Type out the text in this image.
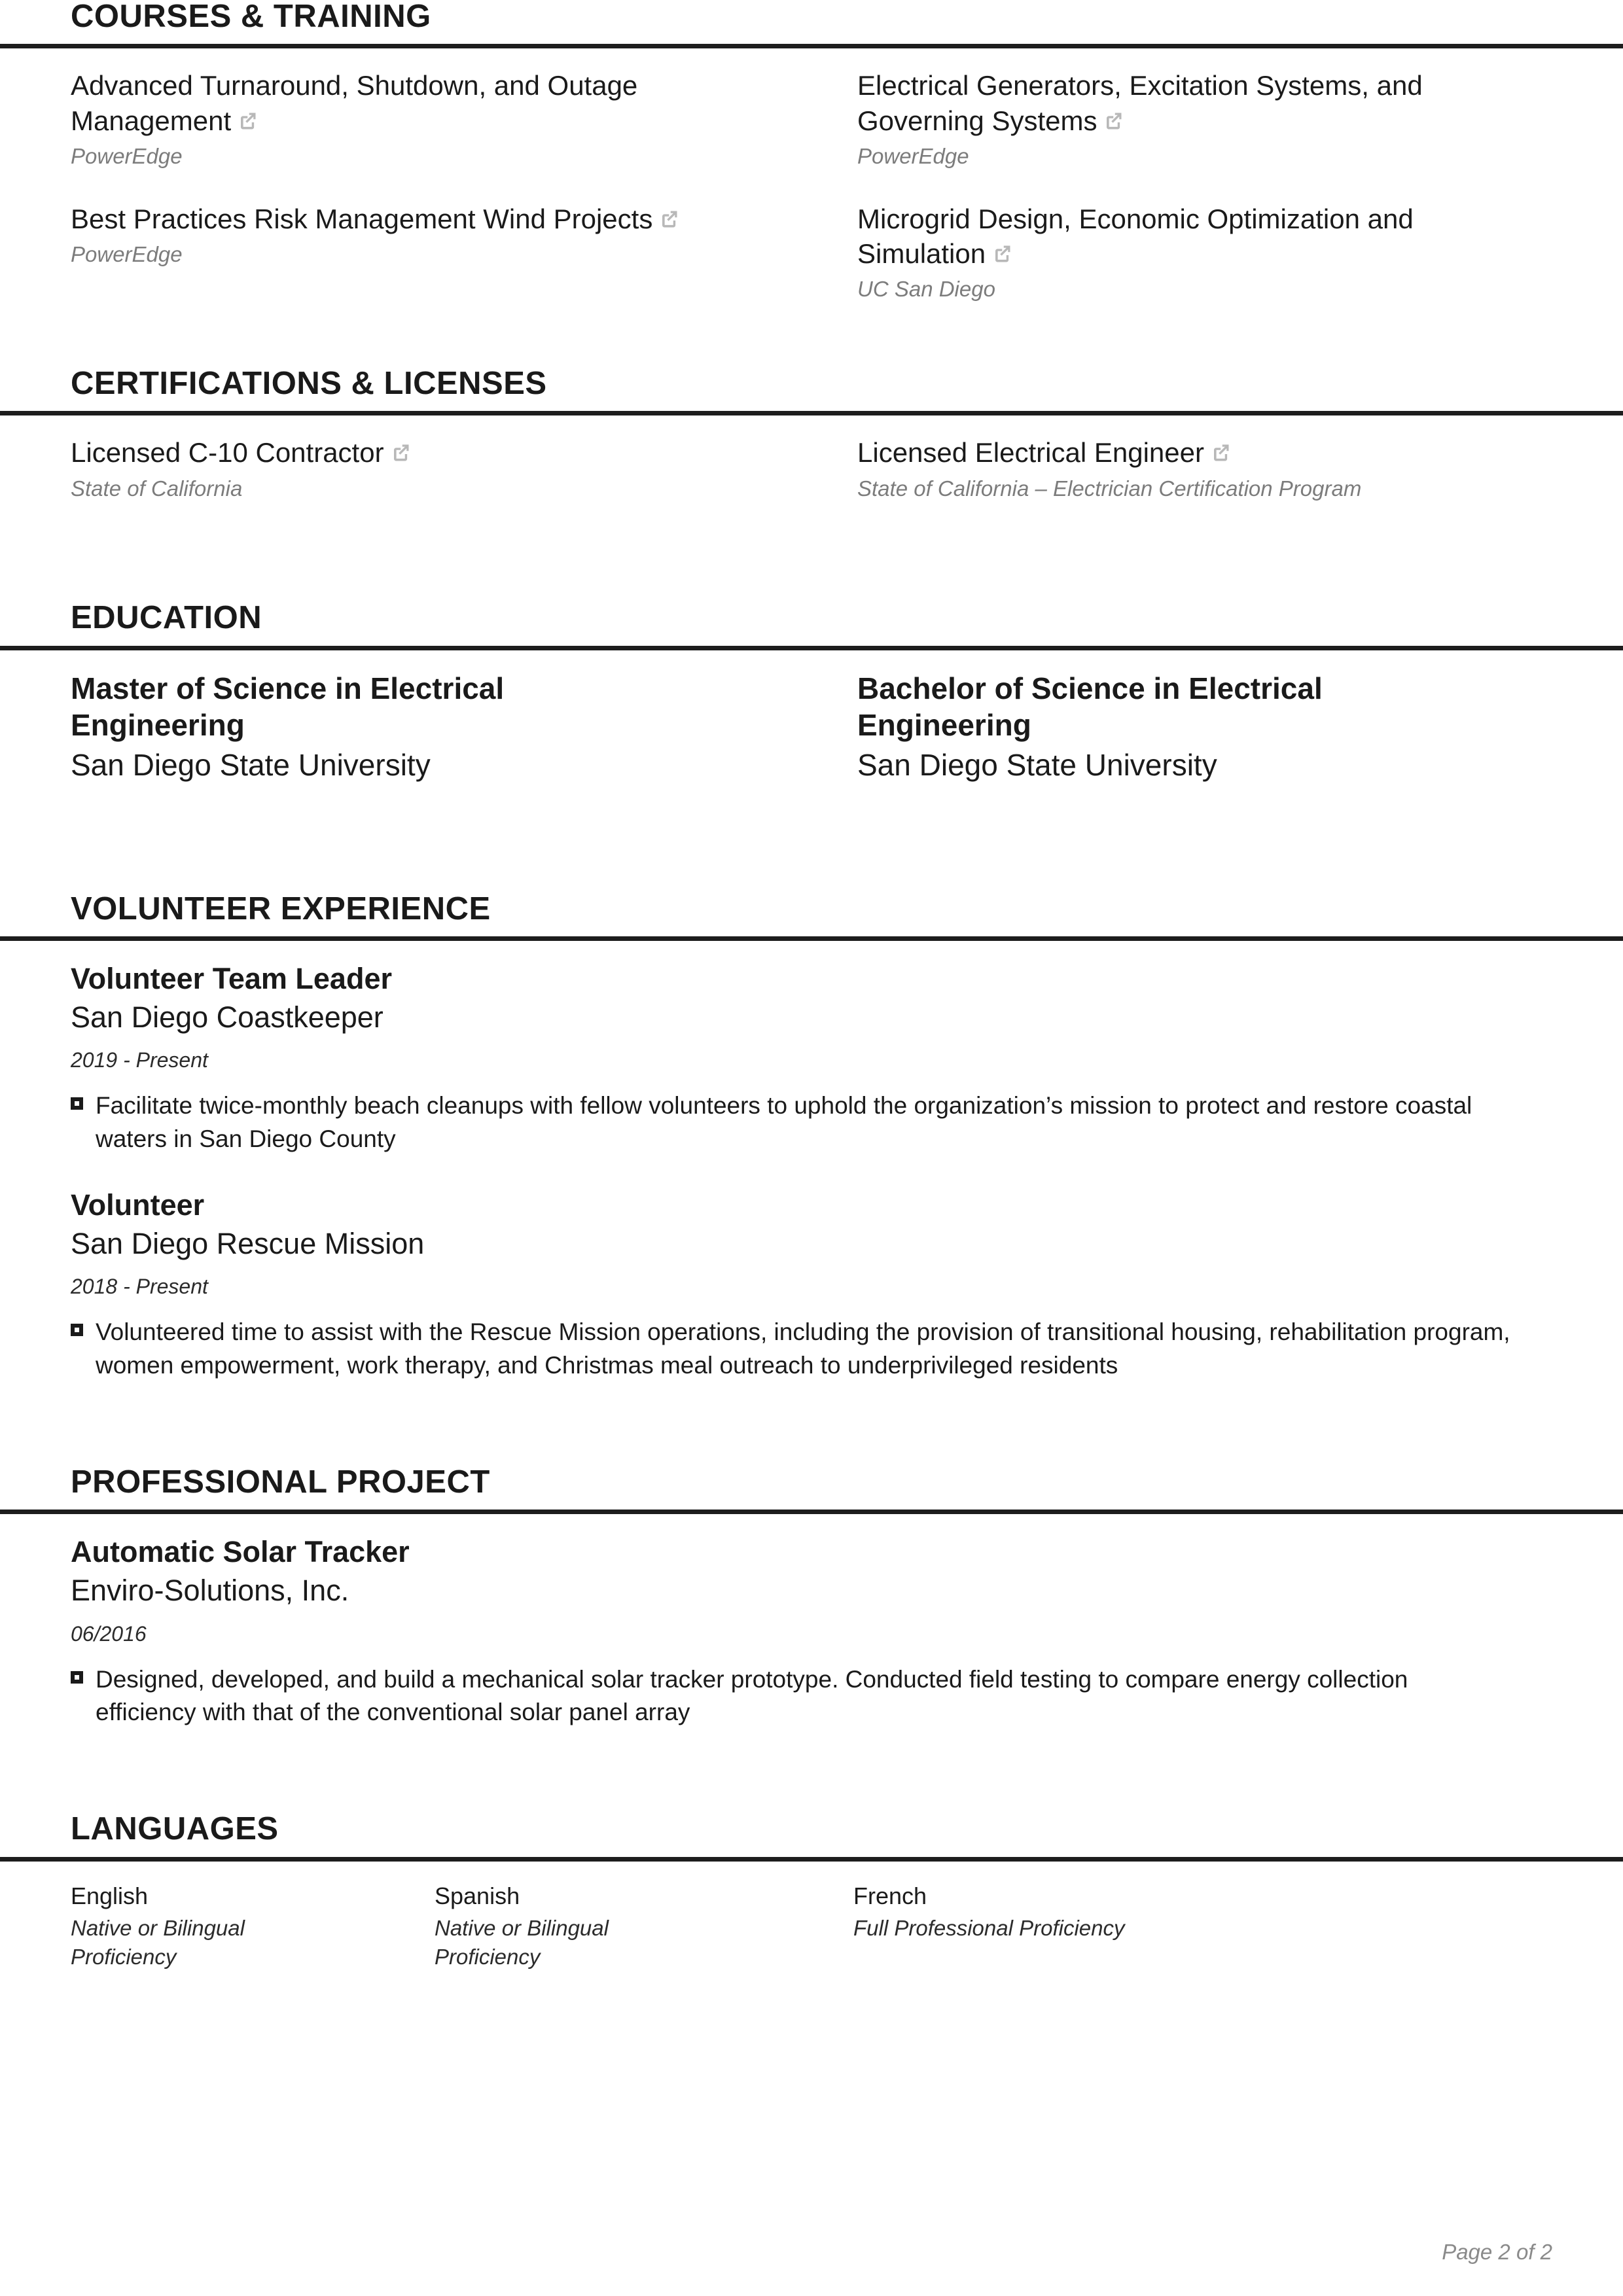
COURSES & TRAINING
Advanced Turnaround, Shutdown, and Outage Management
PowerEdge
Electrical Generators, Excitation Systems, and Governing Systems
PowerEdge
Best Practices Risk Management Wind Projects
PowerEdge
Microgrid Design, Economic Optimization and Simulation
UC San Diego
CERTIFICATIONS & LICENSES
Licensed C-10 Contractor
State of California
Licensed Electrical Engineer
State of California – Electrician Certification Program
EDUCATION
Master of Science in Electrical Engineering
San Diego State University
Bachelor of Science in Electrical Engineering
San Diego State University
VOLUNTEER EXPERIENCE
Volunteer Team Leader
San Diego Coastkeeper
2019 - Present
Facilitate twice-monthly beach cleanups with fellow volunteers to uphold the organization’s mission to protect and restore coastal waters in San Diego County
Volunteer
San Diego Rescue Mission
2018 - Present
Volunteered time to assist with the Rescue Mission operations, including the provision of transitional housing, rehabilitation program, women empowerment, work therapy, and Christmas meal outreach to underprivileged residents
PROFESSIONAL PROJECT
Automatic Solar Tracker
Enviro-Solutions, Inc.
06/2016
Designed, developed, and build a mechanical solar tracker prototype. Conducted field testing to compare energy collection efficiency with that of the conventional solar panel array
LANGUAGES
English
Native or Bilingual Proficiency
Spanish
Native or Bilingual Proficiency
French
Full Professional Proficiency
Page 2 of 2
